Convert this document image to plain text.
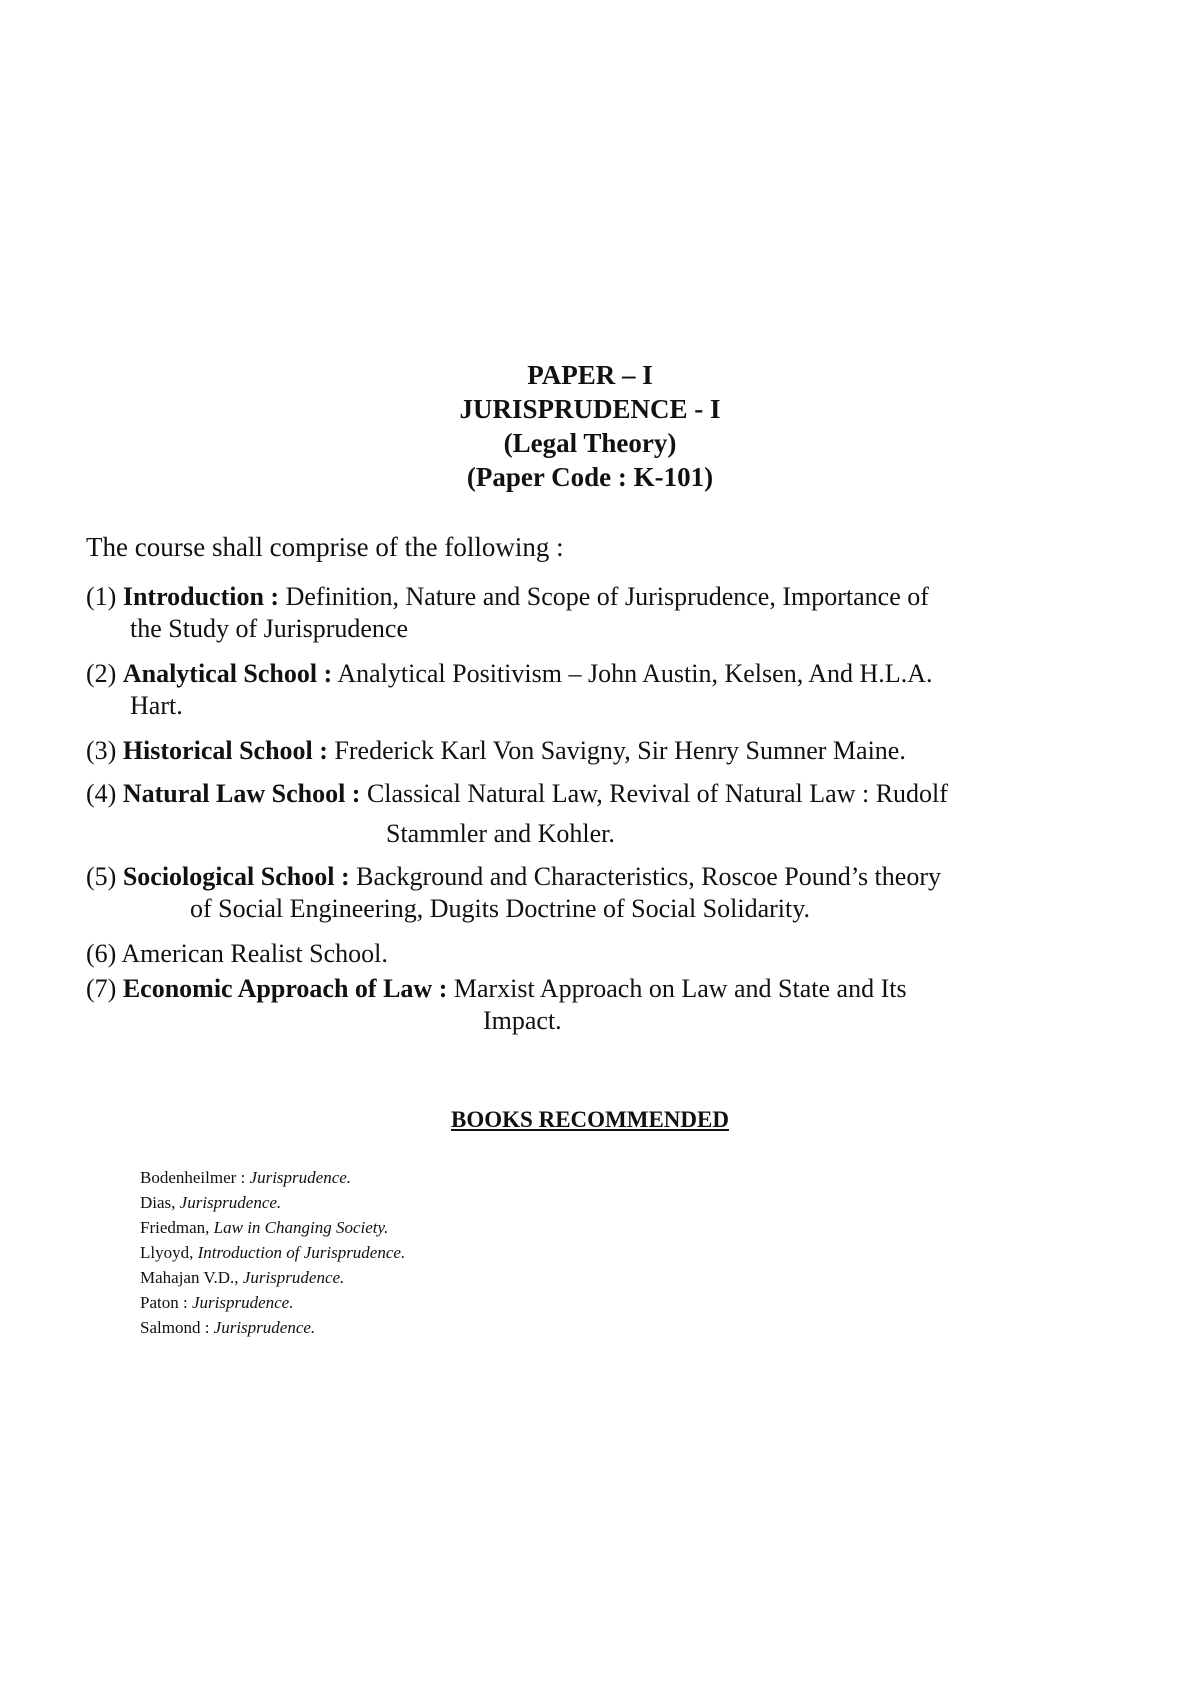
PAPER – I
JURISPRUDENCE - I
(Legal Theory)
(Paper Code : K-101)
The course shall comprise of the following :
(1) Introduction : Definition, Nature and Scope of Jurisprudence, Importance of
the Study of Jurisprudence
(2) Analytical School : Analytical Positivism – John Austin, Kelsen, And H.L.A.
Hart.
(3) Historical School : Frederick Karl Von Savigny, Sir Henry Sumner Maine.
(4) Natural Law School : Classical Natural Law, Revival of Natural Law : Rudolf
Stammler and Kohler.
(5) Sociological School : Background and Characteristics, Roscoe Pound’s theory
of Social Engineering, Dugits Doctrine of Social Solidarity.
(6) American Realist School.
(7) Economic Approach of Law : Marxist Approach on Law and State and Its
Impact.
BOOKS RECOMMENDED
Bodenheilmer : Jurisprudence.
Dias, Jurisprudence.
Friedman, Law in Changing Society.
Llyoyd, Introduction of Jurisprudence.
Mahajan V.D., Jurisprudence.
Paton : Jurisprudence.
Salmond : Jurisprudence.
